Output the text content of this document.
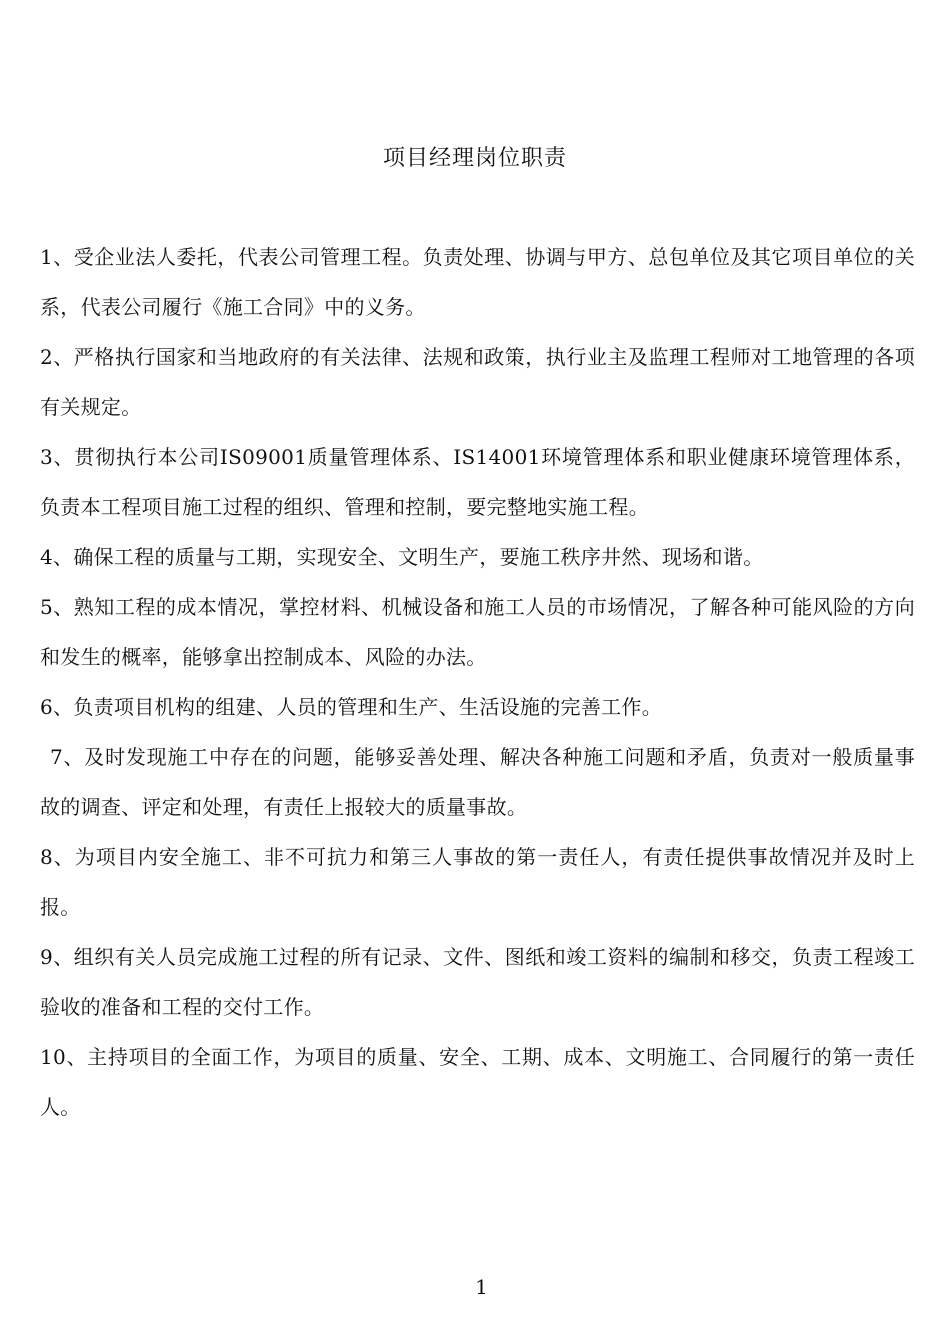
项目经理岗位职责
1、受企业法人委托，代表公司管理工程。负责处理、协调与甲方、总包单位及其它项目单位的关系，代表公司履行《施工合同》中的义务。
2、严格执行国家和当地政府的有关法律、法规和政策，执行业主及监理工程师对工地管理的各项有关规定。
3、贯彻执行本公司IS09001质量管理体系、IS14001环境管理体系和职业健康环境管理体系，负责本工程项目施工过程的组织、管理和控制，要完整地实施工程。
4、确保工程的质量与工期，实现安全、文明生产，要施工秩序井然、现场和谐。
5、熟知工程的成本情况，掌控材料、机械设备和施工人员的市场情况，了解各种可能风险的方向和发生的概率，能够拿出控制成本、风险的办法。
6、负责项目机构的组建、人员的管理和生产、生活设施的完善工作。
7、及时发现施工中存在的问题，能够妥善处理、解决各种施工问题和矛盾，负责对一般质量事故的调查、评定和处理，有责任上报较大的质量事故。
8、为项目内安全施工、非不可抗力和第三人事故的第一责任人，有责任提供事故情况并及时上报。
9、组织有关人员完成施工过程的所有记录、文件、图纸和竣工资料的编制和移交，负责工程竣工验收的准备和工程的交付工作。
10、主持项目的全面工作，为项目的质量、安全、工期、成本、文明施工、合同履行的第一责任人。
1
